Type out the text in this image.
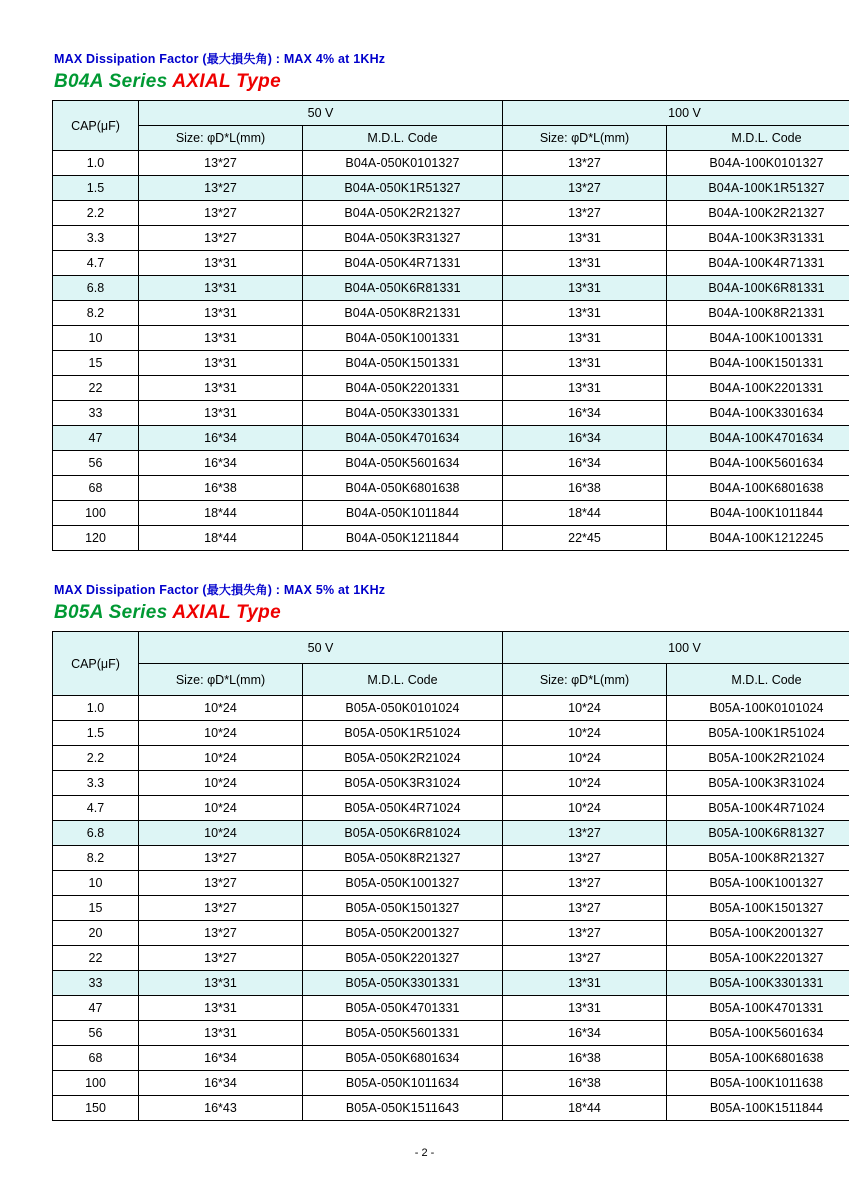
MAX Dissipation Factor (最大損失角) : MAX 4% at 1KHz
B04A Series AXIAL Type
CAP(μF)	50 V		100 V	
	Size: φD*L(mm)	M.D.L. Code	Size: φD*L(mm)	M.D.L. Code
1.0	13*27	B04A-050K0101327	13*27	B04A-100K0101327
1.5	13*27	B04A-050K1R51327	13*27	B04A-100K1R51327
2.2	13*27	B04A-050K2R21327	13*27	B04A-100K2R21327
3.3	13*27	B04A-050K3R31327	13*31	B04A-100K3R31331
4.7	13*31	B04A-050K4R71331	13*31	B04A-100K4R71331
6.8	13*31	B04A-050K6R81331	13*31	B04A-100K6R81331
8.2	13*31	B04A-050K8R21331	13*31	B04A-100K8R21331
10	13*31	B04A-050K1001331	13*31	B04A-100K1001331
15	13*31	B04A-050K1501331	13*31	B04A-100K1501331
22	13*31	B04A-050K2201331	13*31	B04A-100K2201331
33	13*31	B04A-050K3301331	16*34	B04A-100K3301634
47	16*34	B04A-050K4701634	16*34	B04A-100K4701634
56	16*34	B04A-050K5601634	16*34	B04A-100K5601634
68	16*38	B04A-050K6801638	16*38	B04A-100K6801638
100	18*44	B04A-050K1011844	18*44	B04A-100K1011844
120	18*44	B04A-050K1211844	22*45	B04A-100K1212245
MAX Dissipation Factor (最大損失角) : MAX 5% at 1KHz
B05A Series AXIAL Type
CAP(μF)	50 V		100 V	
	Size: φD*L(mm)	M.D.L. Code	Size: φD*L(mm)	M.D.L. Code
1.0	10*24	B05A-050K0101024	10*24	B05A-100K0101024
1.5	10*24	B05A-050K1R51024	10*24	B05A-100K1R51024
2.2	10*24	B05A-050K2R21024	10*24	B05A-100K2R21024
3.3	10*24	B05A-050K3R31024	10*24	B05A-100K3R31024
4.7	10*24	B05A-050K4R71024	10*24	B05A-100K4R71024
6.8	10*24	B05A-050K6R81024	13*27	B05A-100K6R81327
8.2	13*27	B05A-050K8R21327	13*27	B05A-100K8R21327
10	13*27	B05A-050K1001327	13*27	B05A-100K1001327
15	13*27	B05A-050K1501327	13*27	B05A-100K1501327
20	13*27	B05A-050K2001327	13*27	B05A-100K2001327
22	13*27	B05A-050K2201327	13*27	B05A-100K2201327
33	13*31	B05A-050K3301331	13*31	B05A-100K3301331
47	13*31	B05A-050K4701331	13*31	B05A-100K4701331
56	13*31	B05A-050K5601331	16*34	B05A-100K5601634
68	16*34	B05A-050K6801634	16*38	B05A-100K6801638
100	16*34	B05A-050K1011634	16*38	B05A-100K1011638
150	16*43	B05A-050K1511643	18*44	B05A-100K1511844
- 2 -
